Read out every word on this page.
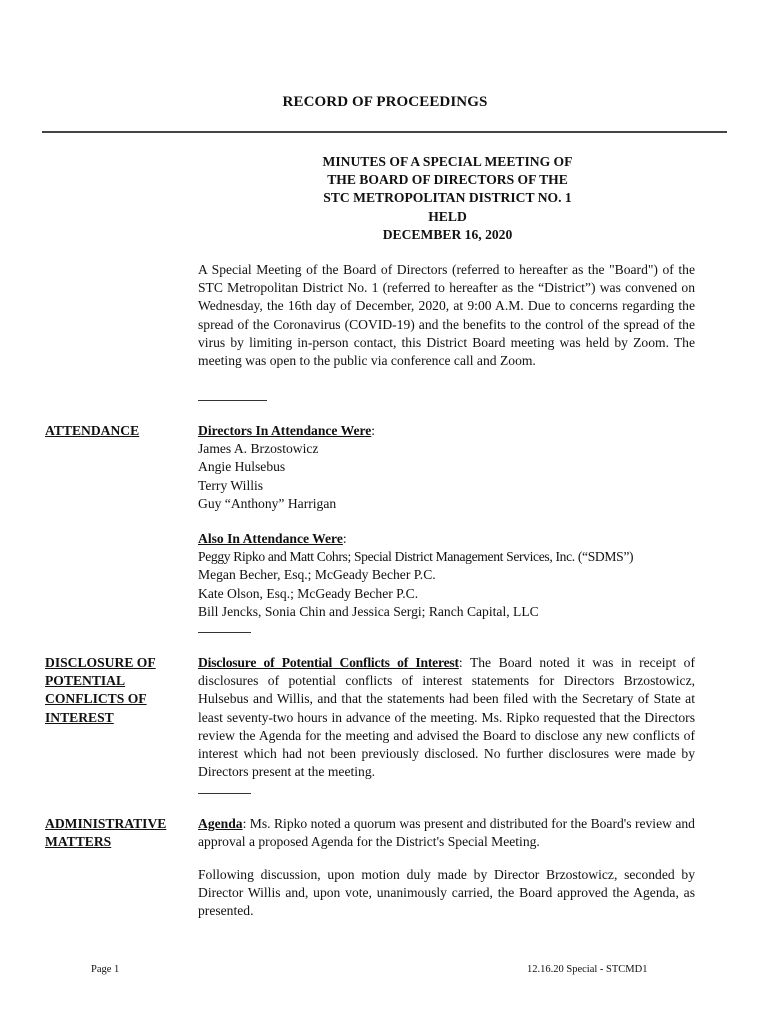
RECORD OF PROCEEDINGS
MINUTES OF A SPECIAL MEETING OF
THE BOARD OF DIRECTORS OF THE
STC METROPOLITAN DISTRICT NO. 1
HELD
DECEMBER 16, 2020
A Special Meeting of the Board of Directors (referred to hereafter as the "Board") of the STC Metropolitan District No. 1 (referred to hereafter as the “District”) was convened on Wednesday, the 16th day of December, 2020, at 9:00 A.M. Due to concerns regarding the spread of the Coronavirus (COVID-19) and the benefits to the control of the spread of the virus by limiting in-person contact, this District Board meeting was held by Zoom. The meeting was open to the public via conference call and Zoom.
ATTENDANCE	Directors In Attendance Were:
James A. Brzostowicz
Angie Hulsebus
Terry Willis
Guy “Anthony” Harrigan
Also In Attendance Were:
Peggy Ripko and Matt Cohrs; Special District Management Services, Inc. (“SDMS”)
Megan Becher, Esq.; McGeady Becher P.C.
Kate Olson, Esq.; McGeady Becher P.C.
Bill Jencks, Sonia Chin and Jessica Sergi; Ranch Capital, LLC
DISCLOSURE OF
POTENTIAL
CONFLICTS OF
INTEREST
Disclosure of Potential Conflicts of Interest: The Board noted it was in receipt of disclosures of potential conflicts of interest statements for Directors Brzostowicz, Hulsebus and Willis, and that the statements had been filed with the Secretary of State at least seventy-two hours in advance of the meeting. Ms. Ripko requested that the Directors review the Agenda for the meeting and advised the Board to disclose any new conflicts of interest which had not been previously disclosed. No further disclosures were made by Directors present at the meeting.
ADMINISTRATIVE
MATTERS
Agenda: Ms. Ripko noted a quorum was present and distributed for the Board's review and approval a proposed Agenda for the District's Special Meeting.
Following discussion, upon motion duly made by Director Brzostowicz, seconded by Director Willis and, upon vote, unanimously carried, the Board approved the Agenda, as presented.
Page 1	12.16.20 Special - STCMD1
